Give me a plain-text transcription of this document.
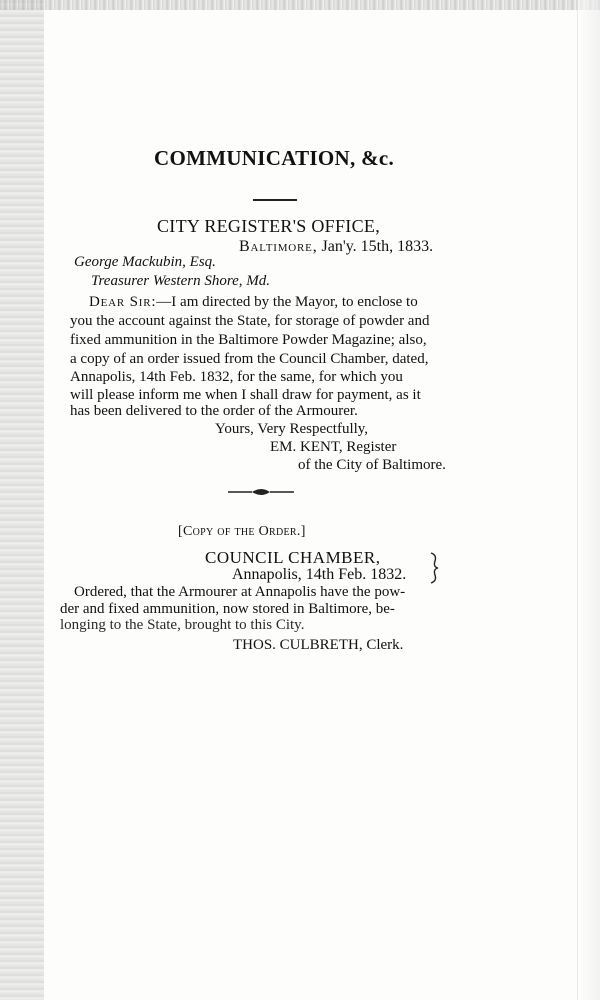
COMMUNICATION, &c.
CITY REGISTER'S OFFICE,
Baltimore, Jan'y. 15th, 1833.
George Mackubin, Esq.
Treasurer Western Shore, Md.
Dear Sir:—I am directed by the Mayor, to enclose to
you the account against the State, for storage of powder and
fixed ammunition in the Baltimore Powder Magazine; also,
a copy of an order issued from the Council Chamber, dated,
Annapolis, 14th Feb. 1832, for the same, for which you
will please inform me when I shall draw for payment, as it
has been delivered to the order of the Armourer.
Yours, Very Respectfully,
EM. KENT, Register
of the City of Baltimore.
[Copy of the Order.]
COUNCIL CHAMBER,
Annapolis, 14th Feb. 1832.
Ordered, that the Armourer at Annapolis have the pow-
der and fixed ammunition, now stored in Baltimore, be-
longing to the State, brought to this City.
THOS. CULBRETH, Clerk.
